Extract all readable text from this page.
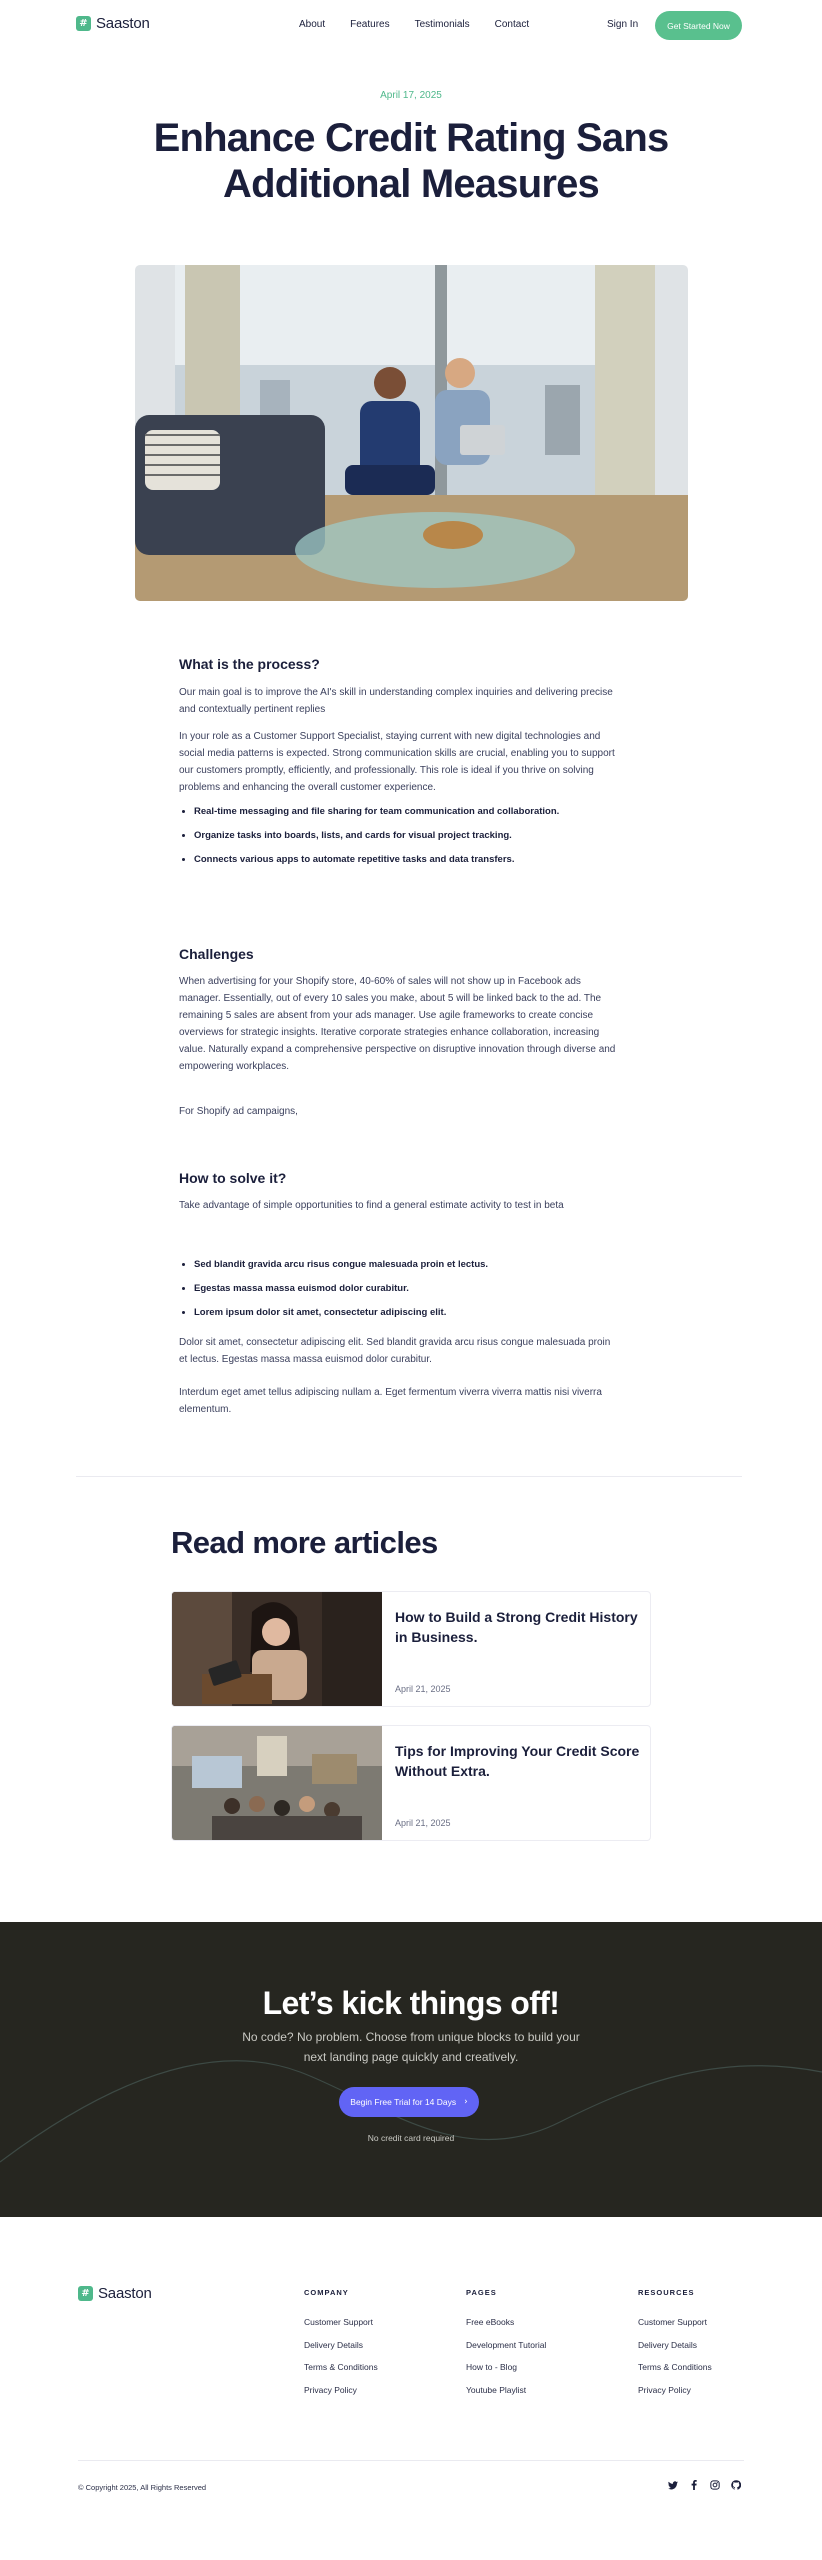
# Saaston	About	Features	Testimonials	Contact	Sign In	Get Started Now
April 17, 2025
Enhance Credit Rating Sans Additional Measures
What is the process?

Our main goal is to improve the AI's skill in understanding complex inquiries and delivering precise and contextually pertinent replies

In your role as a Customer Support Specialist, staying current with new digital technologies and social media patterns is expected. Strong communication skills are crucial, enabling you to support our customers promptly, efficiently, and professionally. This role is ideal if you thrive on solving problems and enhancing the overall customer experience.

Real-time messaging and file sharing for team communication and collaboration.
Organize tasks into boards, lists, and cards for visual project tracking.
Connects various apps to automate repetitive tasks and data transfers.
Challenges

When advertising for your Shopify store, 40-60% of sales will not show up in Facebook ads manager. Essentially, out of every 10 sales you make, about 5 will be linked back to the ad. The remaining 5 sales are absent from your ads manager. Use agile frameworks to create concise overviews for strategic insights. Iterative corporate strategies enhance collaboration, increasing value. Naturally expand a comprehensive perspective on disruptive innovation through diverse and empowering workplaces.

For Shopify ad campaigns,

How to solve it?

Take advantage of simple opportunities to find a general estimate activity to test in beta

Sed blandit gravida arcu risus congue malesuada proin et lectus.
Egestas massa massa euismod dolor curabitur.
Lorem ipsum dolor sit amet, consectetur adipiscing elit.

Dolor sit amet, consectetur adipiscing elit. Sed blandit gravida arcu risus congue malesuada proin et lectus. Egestas massa massa euismod dolor curabitur.

Interdum eget amet tellus adipiscing nullam a. Eget fermentum viverra viverra mattis nisi viverra elementum.

Read more articles
How to Build a Strong Credit History in Business.
April 21, 2025
Tips for Improving Your Credit Score Without Extra.
April 21, 2025
Let’s kick things off!

No code? No problem. Choose from unique blocks to build your next landing page quickly and creatively.

Begin Free Trial for 14 Days ›
No credit card required
# Saaston	COMPANY
Customer Support
Delivery Details
Terms & Conditions
Privacy Policy
PAGES
Free eBooks
Development Tutorial
How to - Blog
Youtube Playlist
RESOURCES
Customer Support
Delivery Details
Terms & Conditions
Privacy Policy
© Copyright 2025, All Rights Reserved
